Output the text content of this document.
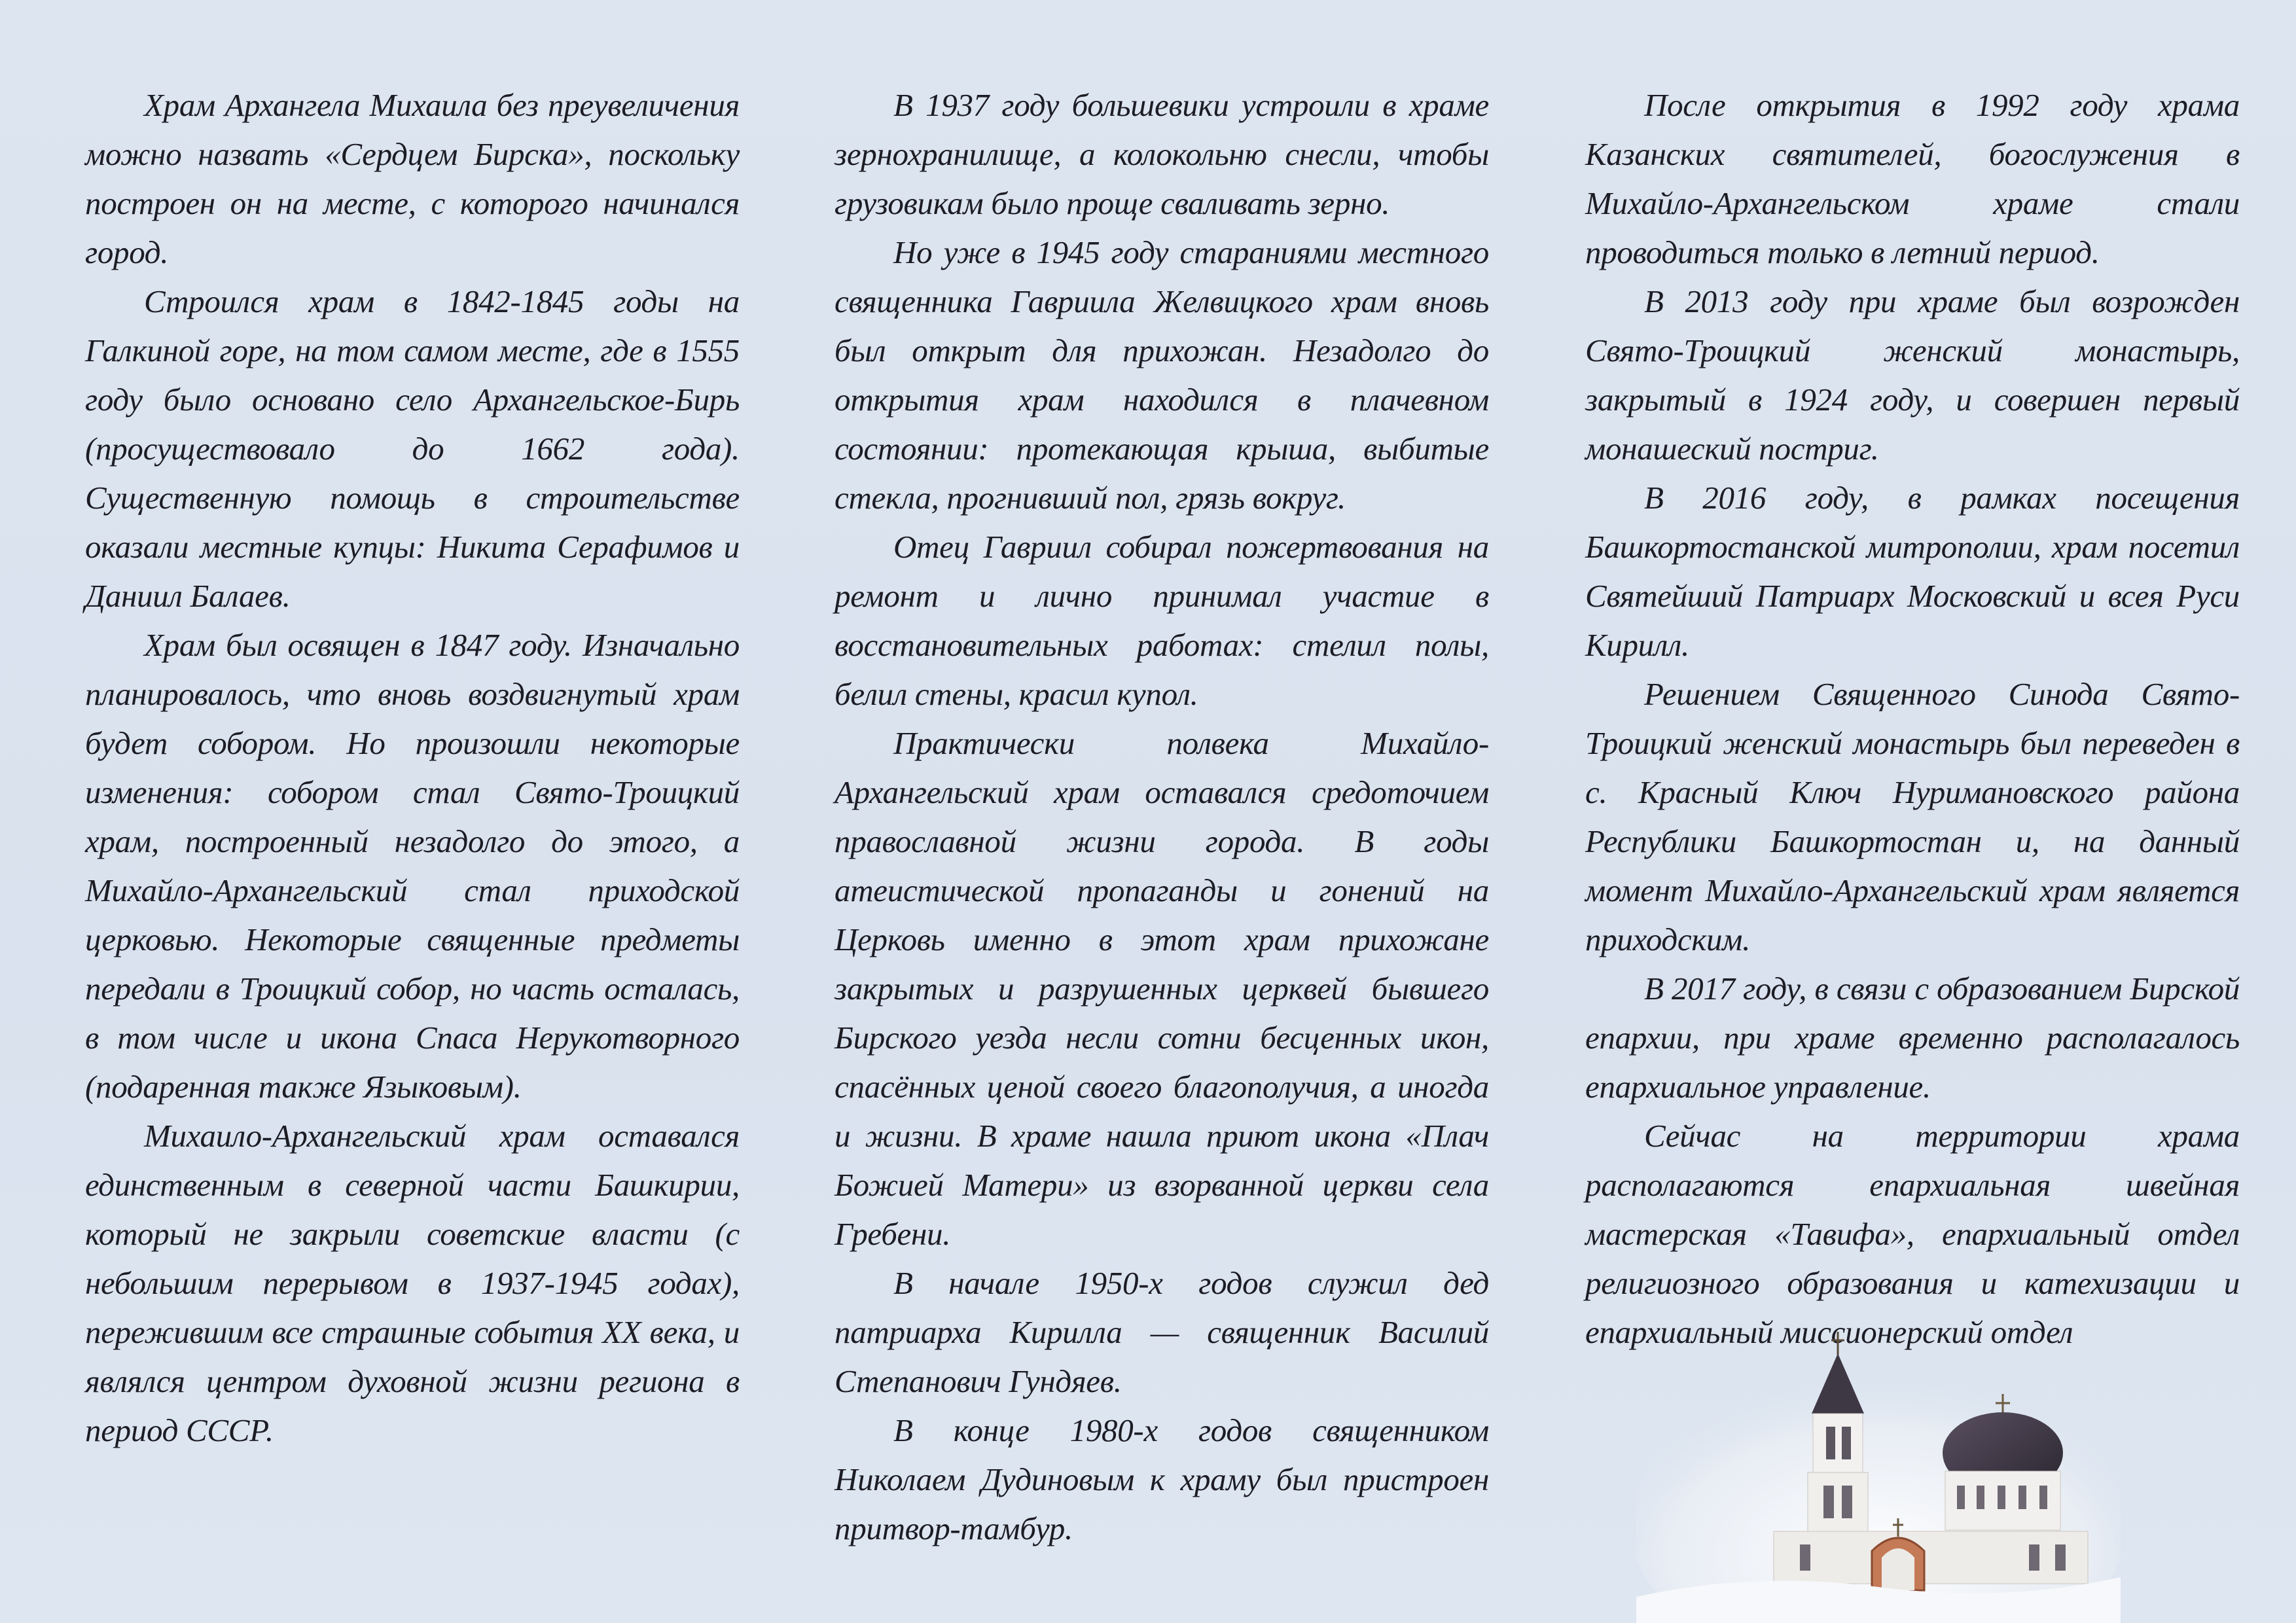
Храм Архангела Михаила без преувеличения можно назвать «Сердцем Бирска», поскольку построен он на месте, с которого начинался город.

Строился храм в 1842-1845 годы на Галкиной горе, на том самом месте, где в 1555 году было основано село Архангельское-Бирь (просуществовало до 1662 года). Существенную помощь в строительстве оказали местные купцы: Никита Серафимов и Даниил Балаев.

Храм был освящен в 1847 году. Изначально планировалось, что вновь воздвигнутый храм будет собором. Но произошли некоторые изменения: собором стал Свято-Троицкий храм, построенный незадолго до этого, а Михайло-Архангельский стал приходской церковью. Некоторые священные предметы передали в Троицкий собор, но часть осталась, в том числе и икона Спаса Нерукотворного (подаренная также Языковым).

Михаило-Архангельский храм оставался единственным в северной части Башкирии, который не закрыли советские власти (с небольшим перерывом в 1937-1945 годах), пережившим все страшные события XX века, и являлся центром духовной жизни региона в период СССР.

В 1937 году большевики устроили в храме зернохранилище, а колокольню снесли, чтобы грузовикам было проще сваливать зерно.

Но уже в 1945 году стараниями местного священника Гавриила Желвицкого храм вновь был открыт для прихожан. Незадолго до открытия храм находился в плачевном состоянии: протекающая крыша, выбитые стекла, прогнивший пол, грязь вокруг.

Отец Гавриил собирал пожертвования на ремонт и лично принимал участие в восстановительных работах: стелил полы, белил стены, красил купол.

Практически полвека Михайло-Архангельский храм оставался средоточием православной жизни города. В годы атеистической пропаганды и гонений на Церковь именно в этот храм прихожане закрытых и разрушенных церквей бывшего Бирского уезда несли сотни бесценных икон, спасённых ценой своего благополучия, а иногда и жизни. В храме нашла приют икона «Плач Божией Матери» из взорванной церкви села Гребени.

В начале 1950-х годов служил дед патриарха Кирилла — священник Василий Степанович Гундяев.

В конце 1980-х годов священником Николаем Дудиновым к храму был пристроен притвор-тамбур.

После открытия в 1992 году храма Казанских святителей, богослужения в Михайло-Архангельском храме стали проводиться только в летний период.

В 2013 году при храме был возрожден Свято-Троицкий женский монастырь, закрытый в 1924 году, и совершен первый монашеский постриг.

В 2016 году, в рамках посещения Башкортостанской митрополии, храм посетил Святейший Патриарх Московский и всея Руси Кирилл.

Решением Священного Синода Свято-Троицкий женский монастырь был переведен в с. Красный Ключ Нуримановского района Республики Башкортостан и, на данный момент Михайло-Архангельский храм является приходским.

В 2017 году, в связи с образованием Бирской епархии, при храме временно располагалось епархиальное управление.

Сейчас на территории храма располагаются епархиальная швейная мастерская «Тавифа», епархиальный отдел религиозного образования и катехизации и епархиальный миссионерский отдел
